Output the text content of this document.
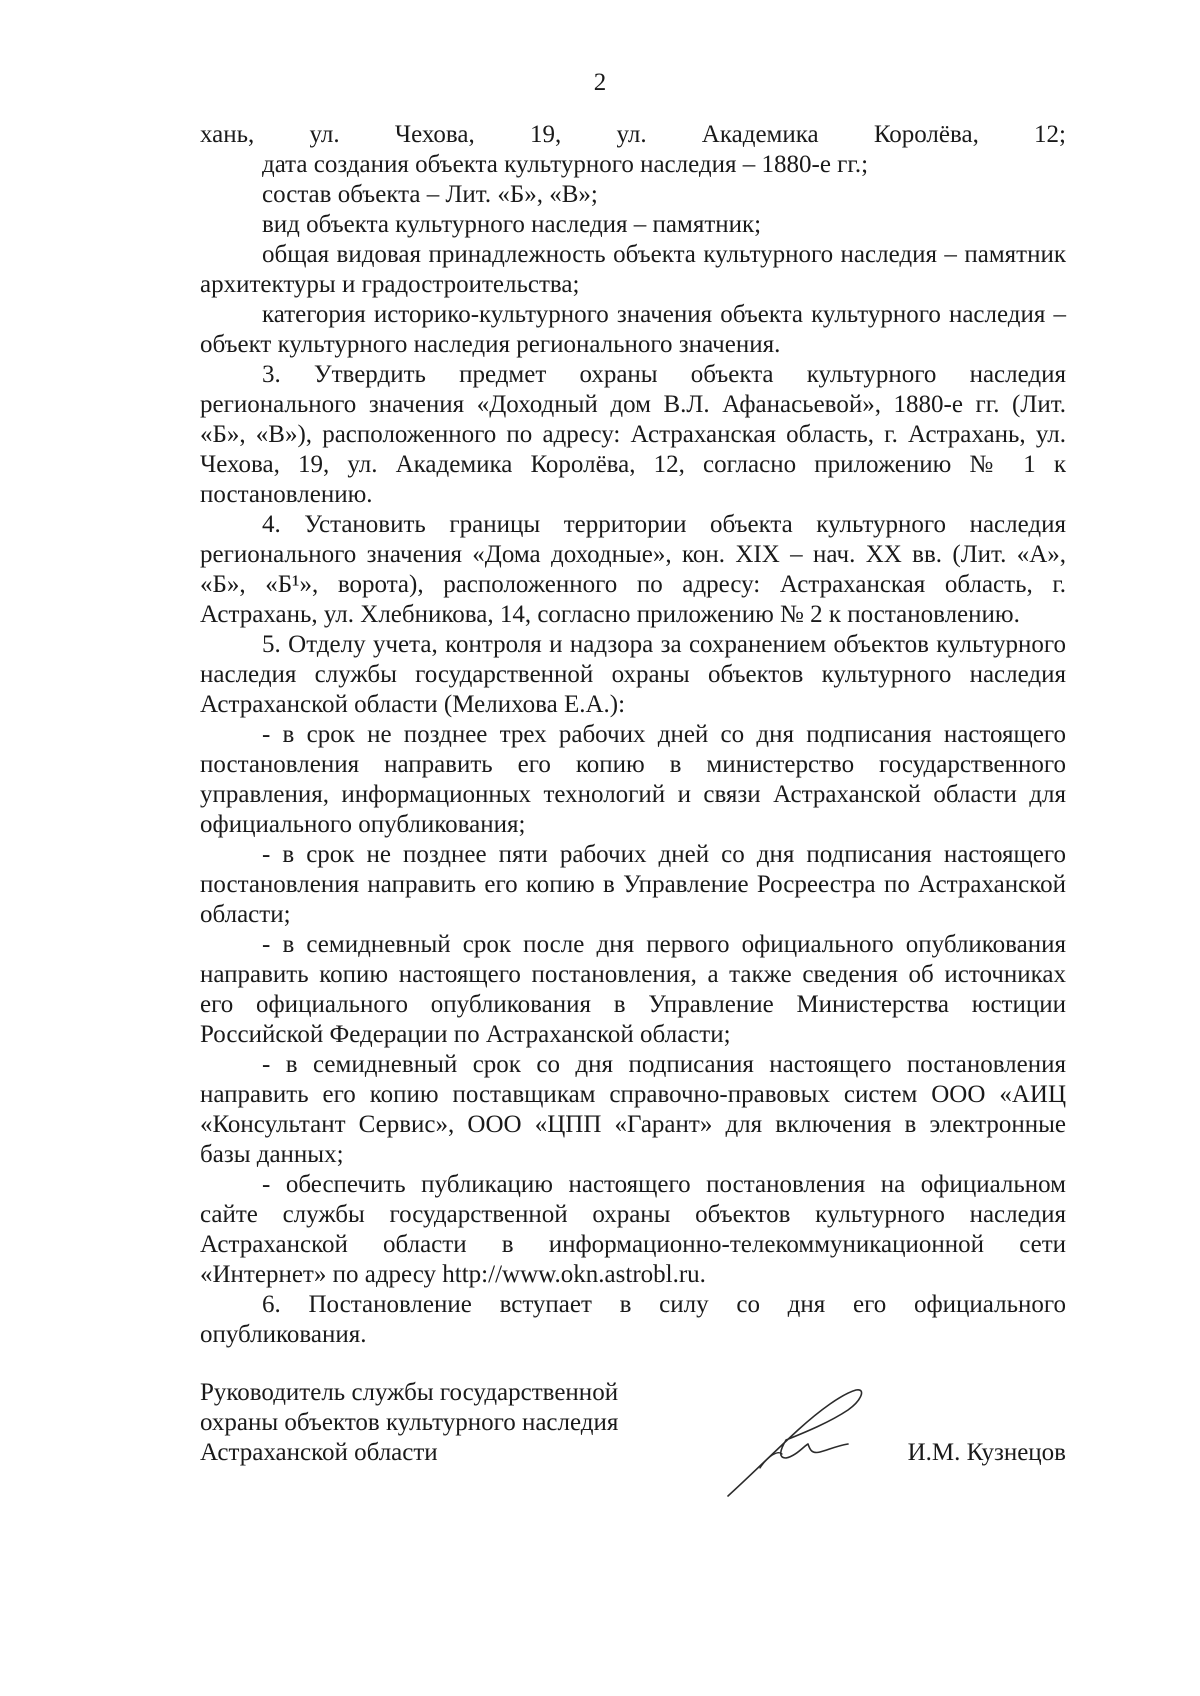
2

хань, ул. Чехова, 19, ул. Академика Королёва, 12;

дата создания объекта культурного наследия – 1880-е гг.;

состав объекта – Лит. «Б», «В»;

вид объекта культурного наследия – памятник;

общая видовая принадлежность объекта культурного наследия – памятник архитектуры и градостроительства;

категория историко-культурного значения объекта культурного наследия – объект культурного наследия регионального значения.

3. Утвердить предмет охраны объекта культурного наследия регионального значения «Доходный дом В.Л. Афанасьевой», 1880-е гг. (Лит. «Б», «В»), расположенного по адресу: Астраханская область, г. Астрахань, ул. Чехова, 19, ул. Академика Королёва, 12, согласно приложению № 1 к постановлению.

4. Установить границы территории объекта культурного наследия регионального значения «Дома доходные», кон. XIX – нач. XX вв. (Лит. «А», «Б», «Б¹», ворота), расположенного по адресу: Астраханская область, г. Астрахань, ул. Хлебникова, 14, согласно приложению № 2 к постановлению.

5. Отделу учета, контроля и надзора за сохранением объектов культурного наследия службы государственной охраны объектов культурного наследия Астраханской области (Мелихова Е.А.):

- в срок не позднее трех рабочих дней со дня подписания настоящего постановления направить его копию в министерство государственного управления, информационных технологий и связи Астраханской области для официального опубликования;

- в срок не позднее пяти рабочих дней со дня подписания настоящего постановления направить его копию в Управление Росреестра по Астраханской области;

- в семидневный срок после дня первого официального опубликования направить копию настоящего постановления, а также сведения об источниках его официального опубликования в Управление Министерства юстиции Российской Федерации по Астраханской области;

- в семидневный срок со дня подписания настоящего постановления направить его копию поставщикам справочно-правовых систем ООО «АИЦ «Консультант Сервис», ООО «ЦПП «Гарант» для включения в электронные базы данных;

- обеспечить публикацию настоящего постановления на официальном сайте службы государственной охраны объектов культурного наследия Астраханской области в информационно-телекоммуникационной сети «Интернет» по адресу http://www.okn.astrobl.ru.

6. Постановление вступает в силу со дня его официального опубликования.

Руководитель службы государственной
охраны объектов культурного наследия
Астраханской области	И.М. Кузнецов
